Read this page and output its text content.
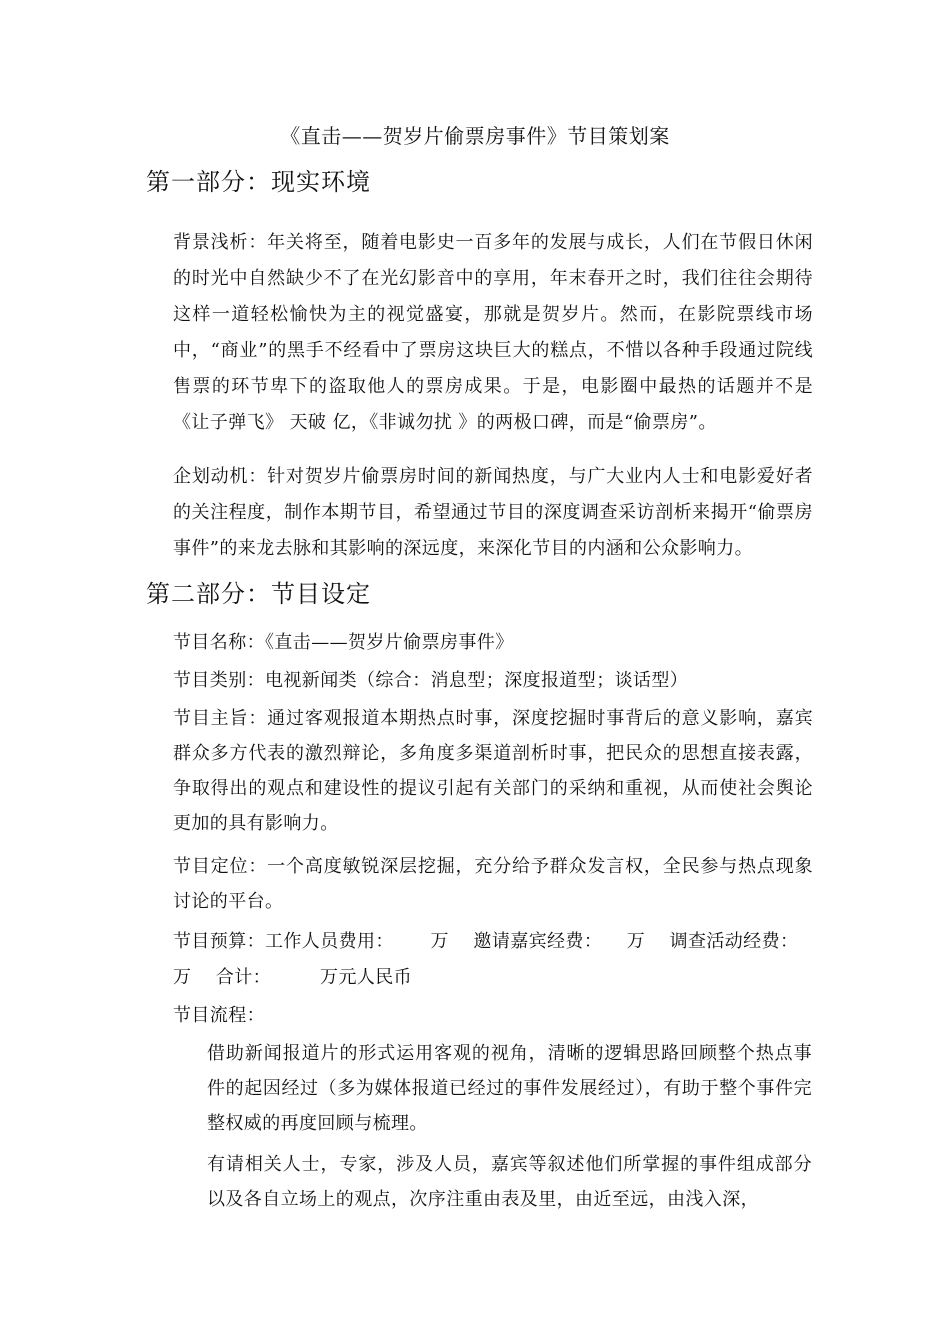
《直击——贺岁片偷票房事件》节目策划案
第一部分：现实环境
背景浅析：年关将至，随着电影史一百多年的发展与成长，人们在节假日休闲的时光中自然缺少不了在光幻影音中的享用，年末春开之时，我们往往会期待这样一道轻松愉快为主的视觉盛宴，那就是贺岁片。然而，在影院票线市场中，“商业”的黑手不经看中了票房这块巨大的糕点，不惜以各种手段通过院线售票的环节卑下的盗取他人的票房成果。于是，电影圈中最热的话题并不是《让子弹飞》 天破 亿，《非诚勿扰 》的两极口碑，而是“偷票房”。
企划动机：针对贺岁片偷票房时间的新闻热度，与广大业内人士和电影爱好者的关注程度，制作本期节目，希望通过节目的深度调查采访剖析来揭开“偷票房事件”的来龙去脉和其影响的深远度，来深化节目的内涵和公众影响力。
第二部分：节目设定
节目名称：《直击——贺岁片偷票房事件》
节目类别：电视新闻类（综合：消息型；深度报道型；谈话型）
节目主旨：通过客观报道本期热点时事，深度挖掘时事背后的意义影响，嘉宾群众多方代表的激烈辩论，多角度多渠道剖析时事，把民众的思想直接表露，争取得出的观点和建设性的提议引起有关部门的采纳和重视，从而使社会舆论更加的具有影响力。
节目定位：一个高度敏锐深层挖掘，充分给予群众发言权，全民参与热点现象讨论的平台。
节目预算：工作人员费用：      万    邀请嘉宾经费：    万    调查活动经费：
万    合计：        万元人民币
节目流程：
借助新闻报道片的形式运用客观的视角，清晰的逻辑思路回顾整个热点事件的起因经过（多为媒体报道已经过的事件发展经过），有助于整个事件完整权威的再度回顾与梳理。
有请相关人士，专家，涉及人员，嘉宾等叙述他们所掌握的事件组成部分以及各自立场上的观点，次序注重由表及里，由近至远，由浅入深，
